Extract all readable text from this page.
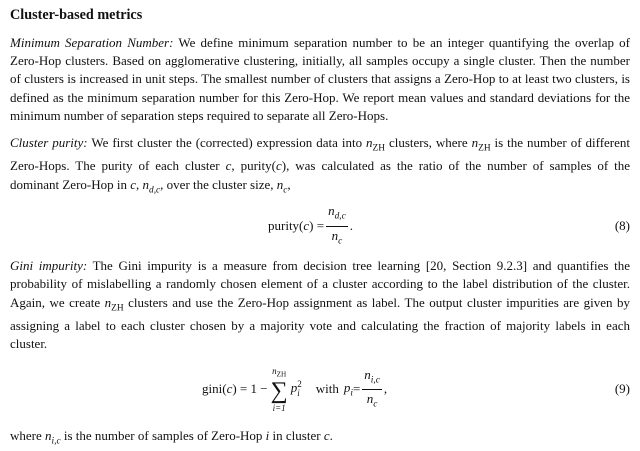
Cluster-based metrics

Minimum Separation Number: We define minimum separation number to be an integer quantifying the overlap of Zero-Hop clusters. Based on agglomerative clustering, initially, all samples occupy a single cluster. Then the number of clusters is increased in unit steps. The smallest number of clusters that assigns a Zero-Hop to at least two clusters, is defined as the minimum separation number for this Zero-Hop. We report mean values and standard deviations for the minimum number of separation steps required to separate all Zero-Hops.

Cluster purity: We first cluster the (corrected) expression data into $n_{ZH}$ clusters, where $n_{ZH}$ is the number of different Zero-Hops. The purity of each cluster c, purity(c), was calculated as the ratio of the number of samples of the dominant Zero-Hop in c, $n_{d,c}$, over the cluster size, $n_c$,

purity( c ) = $\frac{n_{d,c}}{n_c}$ .	(8)

Gini impurity: The Gini impurity is a measure from decision tree learning [20, Section 9.2.3] and quantifies the probability of mislabelling a randomly chosen element of a cluster according to the label distribution of the cluster. Again, we create $n_{ZH}$ clusters and use the Zero-Hop assignment as label. The output cluster impurities are given by assigning a label to each cluster chosen by a majority vote and calculating the fraction of majority labels in each cluster.

gini( c ) = 1 −
$n_{ZH}$
∑
i=1
p 2
i with $p_i = \frac{n_{i,c}}{n_c}$ ,	(9)

where $n_{i,c}$ is the number of samples of Zero-Hop i in cluster c.
